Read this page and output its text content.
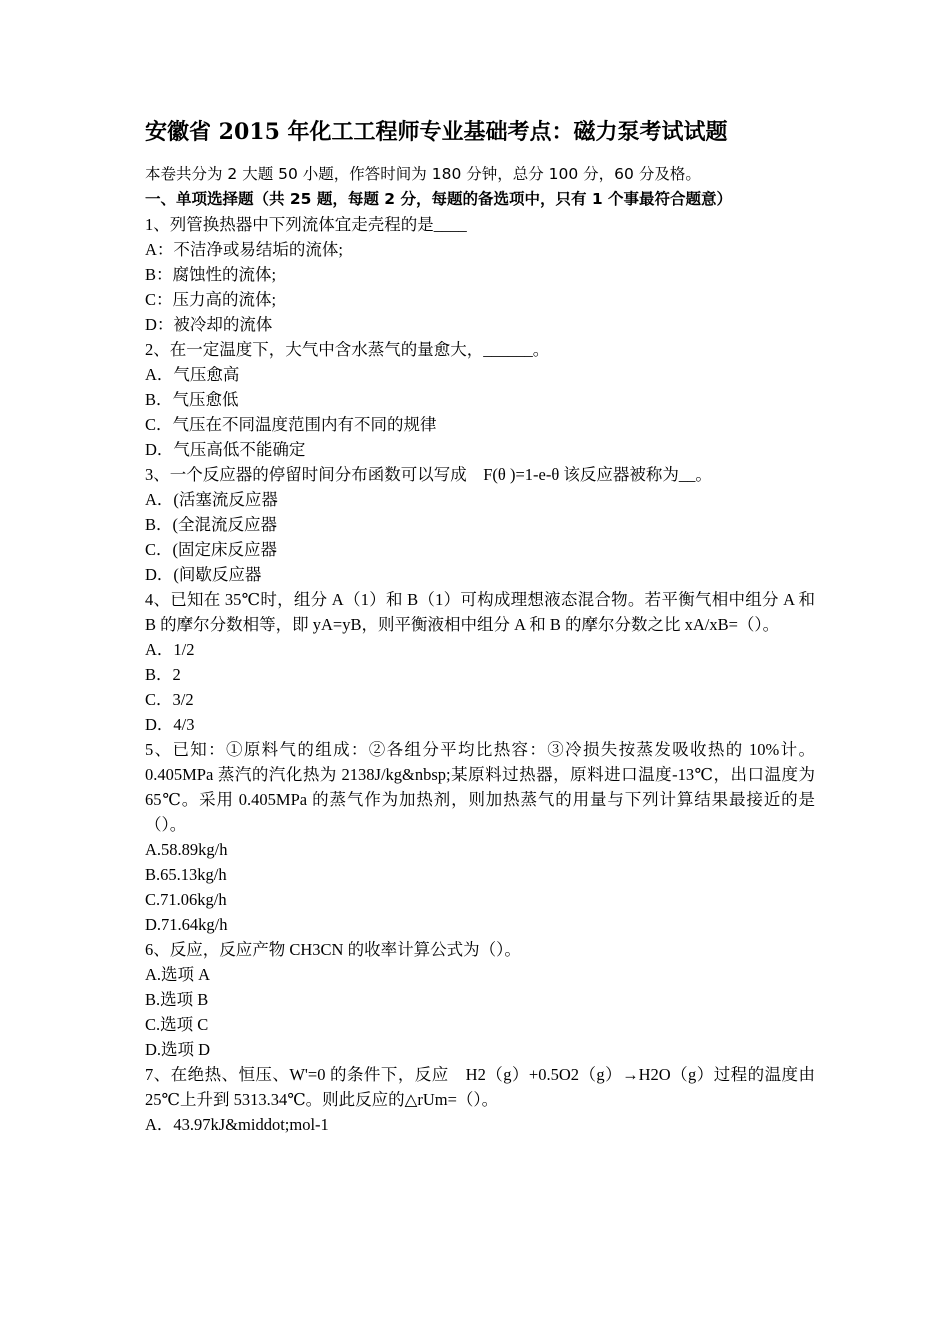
安徽省 2015 年化工工程师专业基础考点：磁力泵考试试题
本卷共分为 2 大题 50 小题，作答时间为 180 分钟，总分 100 分，60 分及格。
一、单项选择题（共 25 题，每题 2 分，每题的备选项中，只有 1 个事最符合题意）
1、列管换热器中下列流体宜走壳程的是____
A：不洁净或易结垢的流体;
B：腐蚀性的流体;
C：压力高的流体;
D：被冷却的流体
2、在一定温度下，大气中含水蒸气的量愈大，______。
A．气压愈高
B．气压愈低
C．气压在不同温度范围内有不同的规律
D．气压高低不能确定
3、一个反应器的停留时间分布函数可以写成　F(θ )=1-e-θ 该反应器被称为__。
A．(活塞流反应器
B．(全混流反应器
C．(固定床反应器
D．(间歇反应器
4、已知在 35℃时，组分 A（1）和 B（1）可构成理想液态混合物。若平衡气相中组分 A 和 B 的摩尔分数相等，即 yA=yB，则平衡液相中组分 A 和 B 的摩尔分数之比 xA/xB=（）。
A．1/2
B．2
C．3/2
D．4/3
5、已知：①原料气的组成：②各组分平均比热容：③冷损失按蒸发吸收热的 10%计。0.405MPa 蒸汽的汽化热为 2138J/kg&nbsp;某原料过热器，原料进口温度-13℃，出口温度为 65℃。采用 0.405MPa 的蒸气作为加热剂，则加热蒸气的用量与下列计算结果最接近的是（）。
A.58.89kg/h
B.65.13kg/h
C.71.06kg/h
D.71.64kg/h
6、反应，反应产物 CH3CN 的收率计算公式为（）。
A.选项 A
B.选项 B
C.选项 C
D.选项 D
7、在绝热、恒压、W'=0 的条件下，反应　H2（g）+0.5O2（g）→H2O（g）过程的温度由 25℃上升到 5313.34℃。则此反应的△rUm=（）。
A．43.97kJ&middot;mol-1
